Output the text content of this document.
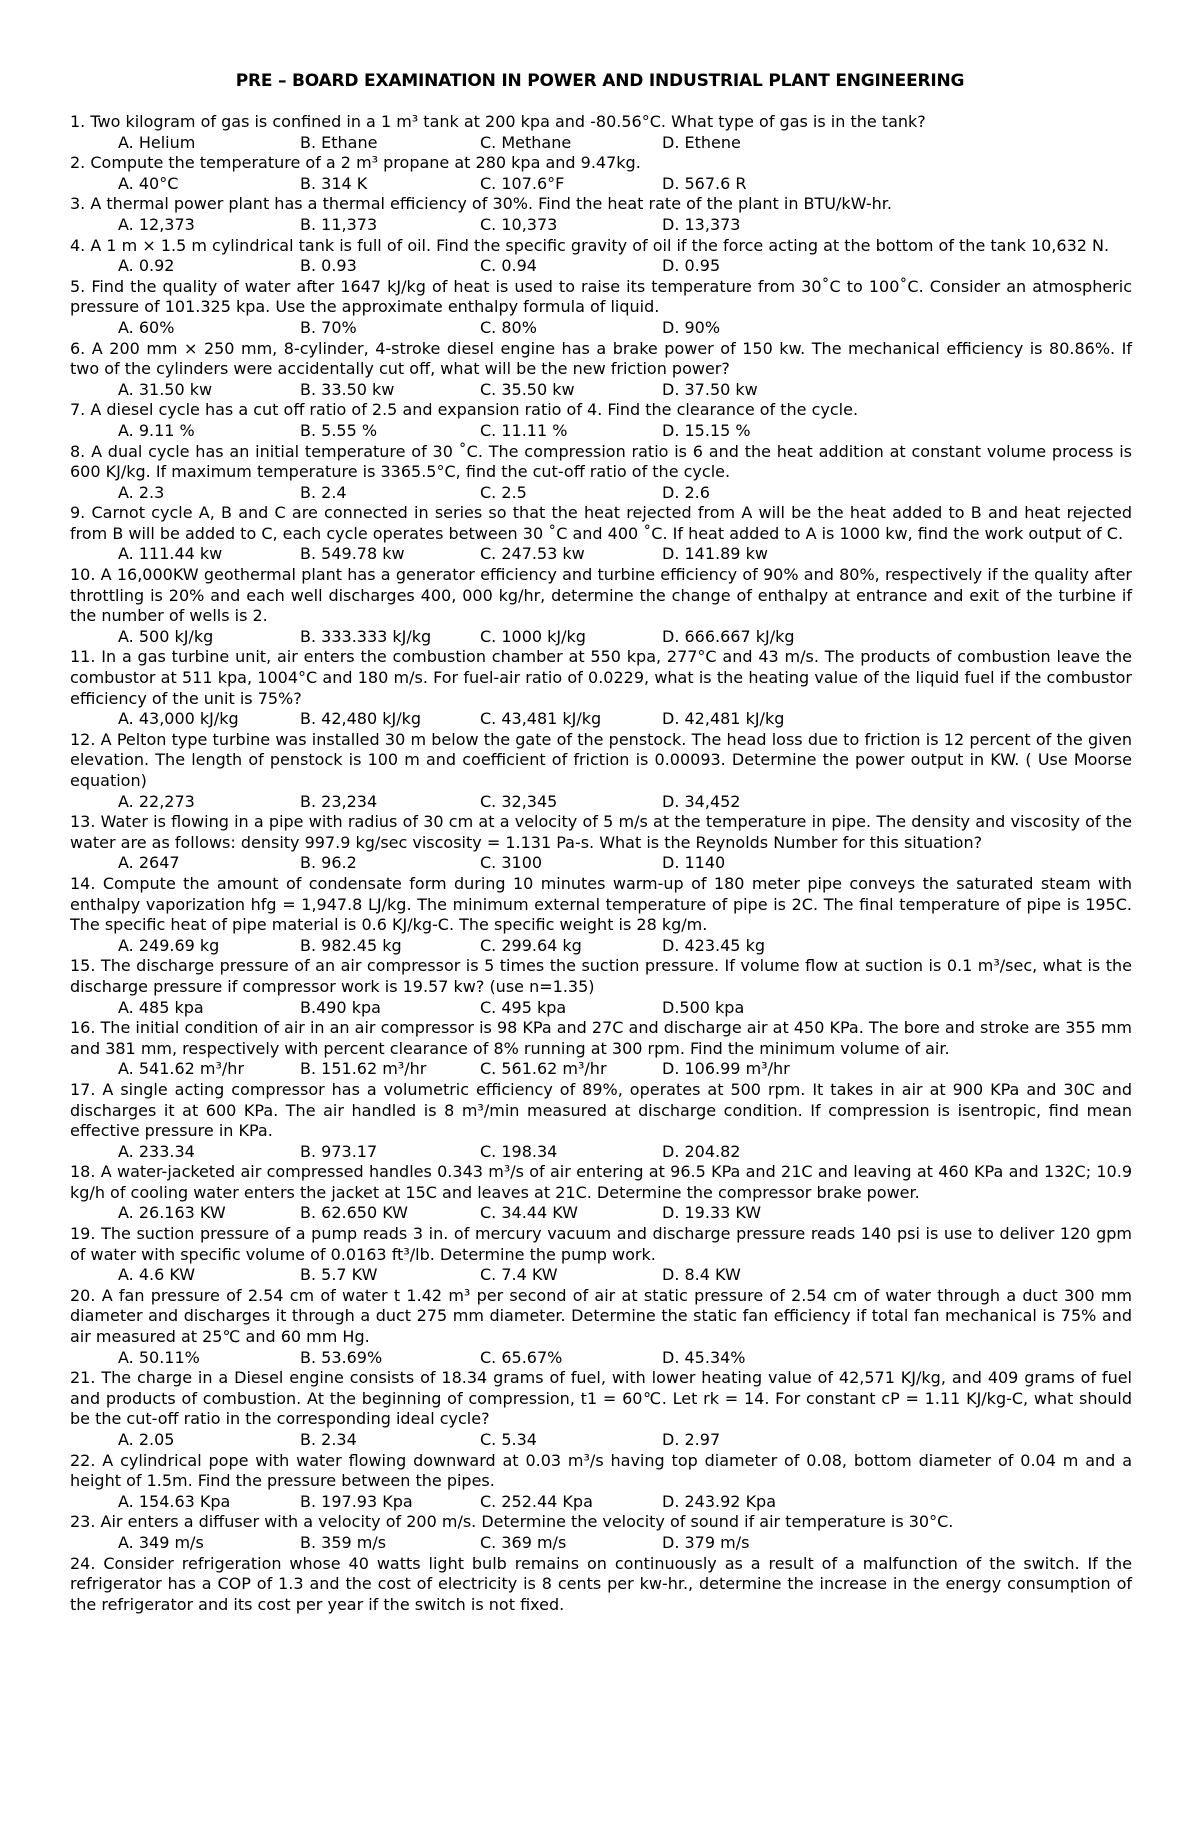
PRE – BOARD EXAMINATION IN POWER AND INDUSTRIAL PLANT ENGINEERING

1. Two kilogram of gas is confined in a 1 m³ tank at 200 kpa and -80.56°C. What type of gas is in the tank?

A. Helium	B. Ethane	C. Methane	D. Ethene

2. Compute the temperature of a 2 m³ propane at 280 kpa and 9.47kg.

A. 40°C	B. 314 K	C. 107.6°F	D. 567.6 R

3. A thermal power plant has a thermal efficiency of 30%. Find the heat rate of the plant in BTU/kW-hr.

A. 12,373	B. 11,373	C. 10,373	D. 13,373

4. A 1 m × 1.5 m cylindrical tank is full of oil. Find the specific gravity of oil if the force acting at the bottom of the tank 10,632 N.

A. 0.92	B. 0.93	C. 0.94	D. 0.95

5. Find the quality of water after 1647 kJ/kg of heat is used to raise its temperature from 30˚C to 100˚C. Consider an atmospheric pressure of 101.325 kpa. Use the approximate enthalpy formula of liquid.

A. 60%	B. 70%	C. 80%	D. 90%

6. A 200 mm × 250 mm, 8-cylinder, 4-stroke diesel engine has a brake power of 150 kw. The mechanical efficiency is 80.86%. If two of the cylinders were accidentally cut off, what will be the new friction power?

A. 31.50 kw	B. 33.50 kw	C. 35.50 kw	D. 37.50 kw

7. A diesel cycle has a cut off ratio of 2.5 and expansion ratio of 4. Find the clearance of the cycle.

A. 9.11 %	B. 5.55 %	C. 11.11 %	D. 15.15 %

8. A dual cycle has an initial temperature of 30 ˚C. The compression ratio is 6 and the heat addition at constant volume process is 600 KJ/kg. If maximum temperature is 3365.5°C, find the cut-off ratio of the cycle.

A. 2.3	B. 2.4	C. 2.5	D. 2.6

9. Carnot cycle A, B and C are connected in series so that the heat rejected from A will be the heat added to B and heat rejected from B will be added to C, each cycle operates between 30 ˚C and 400 ˚C. If heat added to A is 1000 kw, find the work output of C.

A. 111.44 kw	B. 549.78 kw	C. 247.53 kw	D. 141.89 kw

10. A 16,000KW geothermal plant has a generator efficiency and turbine efficiency of 90% and 80%, respectively if the quality after throttling is 20% and each well discharges 400, 000 kg/hr, determine the change of enthalpy at entrance and exit of the turbine if the number of wells is 2.

A. 500 kJ/kg	B. 333.333 kJ/kg	C. 1000 kJ/kg	D. 666.667 kJ/kg

11. In a gas turbine unit, air enters the combustion chamber at 550 kpa, 277°C and 43 m/s. The products of combustion leave the combustor at 511 kpa, 1004°C and 180 m/s. For fuel-air ratio of 0.0229, what is the heating value of the liquid fuel if the combustor efficiency of the unit is 75%?

A. 43,000 kJ/kg	B. 42,480 kJ/kg	C. 43,481 kJ/kg	D. 42,481 kJ/kg

12. A Pelton type turbine was installed 30 m below the gate of the penstock. The head loss due to friction is 12 percent of the given elevation. The length of penstock is 100 m and coefficient of friction is 0.00093. Determine the power output in KW. ( Use Moorse equation)

A. 22,273	B. 23,234	C. 32,345	D. 34,452

13. Water is flowing in a pipe with radius of 30 cm at a velocity of 5 m/s at the temperature in pipe. The density and viscosity of the water are as follows: density 997.9 kg/sec viscosity = 1.131 Pa-s. What is the Reynolds Number for this situation?

A. 2647	B. 96.2	C. 3100	D. 1140

14. Compute the amount of condensate form during 10 minutes warm-up of 180 meter pipe conveys the saturated steam with enthalpy vaporization hfg = 1,947.8 LJ/kg. The minimum external temperature of pipe is 2C. The final temperature of pipe is 195C. The specific heat of pipe material is 0.6 KJ/kg-C. The specific weight is 28 kg/m.

A. 249.69 kg	B. 982.45 kg	C. 299.64 kg	D. 423.45 kg

15. The discharge pressure of an air compressor is 5 times the suction pressure. If volume flow at suction is 0.1 m³/sec, what is the discharge pressure if compressor work is 19.57 kw? (use n=1.35)

A. 485 kpa	B.490 kpa	C. 495 kpa	D.500 kpa

16. The initial condition of air in an air compressor is 98 KPa and 27C and discharge air at 450 KPa. The bore and stroke are 355 mm and 381 mm, respectively with percent clearance of 8% running at 300 rpm. Find the minimum volume of air.

A. 541.62 m³/hr	B. 151.62 m³/hr	C. 561.62 m³/hr	D. 106.99 m³/hr

17. A single acting compressor has a volumetric efficiency of 89%, operates at 500 rpm. It takes in air at 900 KPa and 30C and discharges it at 600 KPa. The air handled is 8 m³/min measured at discharge condition. If compression is isentropic, find mean effective pressure in KPa.

A. 233.34	B. 973.17	C. 198.34	D. 204.82

18. A water-jacketed air compressed handles 0.343 m³/s of air entering at 96.5 KPa and 21C and leaving at 460 KPa and 132C; 10.9 kg/h of cooling water enters the jacket at 15C and leaves at 21C. Determine the compressor brake power.

A. 26.163 KW	B. 62.650 KW	C. 34.44 KW	D. 19.33 KW

19. The suction pressure of a pump reads 3 in. of mercury vacuum and discharge pressure reads 140 psi is use to deliver 120 gpm of water with specific volume of 0.0163 ft³/lb. Determine the pump work.

A. 4.6 KW	B. 5.7 KW	C. 7.4 KW	D. 8.4 KW

20. A fan pressure of 2.54 cm of water t 1.42 m³ per second of air at static pressure of 2.54 cm of water through a duct 300 mm diameter and discharges it through a duct 275 mm diameter. Determine the static fan efficiency if total fan mechanical is 75% and air measured at 25℃ and 60 mm Hg.

A. 50.11%	B. 53.69%	C. 65.67%	D. 45.34%

21. The charge in a Diesel engine consists of 18.34 grams of fuel, with lower heating value of 42,571 KJ/kg, and 409 grams of fuel and products of combustion. At the beginning of compression, t1 = 60℃. Let rk = 14. For constant cP = 1.11 KJ/kg-C, what should be the cut-off ratio in the corresponding ideal cycle?

A. 2.05	B. 2.34	C. 5.34	D. 2.97

22. A cylindrical pope with water flowing downward at 0.03 m³/s having top diameter of 0.08, bottom diameter of 0.04 m and a height of 1.5m. Find the pressure between the pipes.

A. 154.63 Kpa	B. 197.93 Kpa	C. 252.44 Kpa	D. 243.92 Kpa

23. Air enters a diffuser with a velocity of 200 m/s. Determine the velocity of sound if air temperature is 30°C.

A. 349 m/s	B. 359 m/s	C. 369 m/s	D. 379 m/s

24. Consider refrigeration whose 40 watts light bulb remains on continuously as a result of a malfunction of the switch. If the refrigerator has a COP of 1.3 and the cost of electricity is 8 cents per kw-hr., determine the increase in the energy consumption of the refrigerator and its cost per year if the switch is not fixed.
